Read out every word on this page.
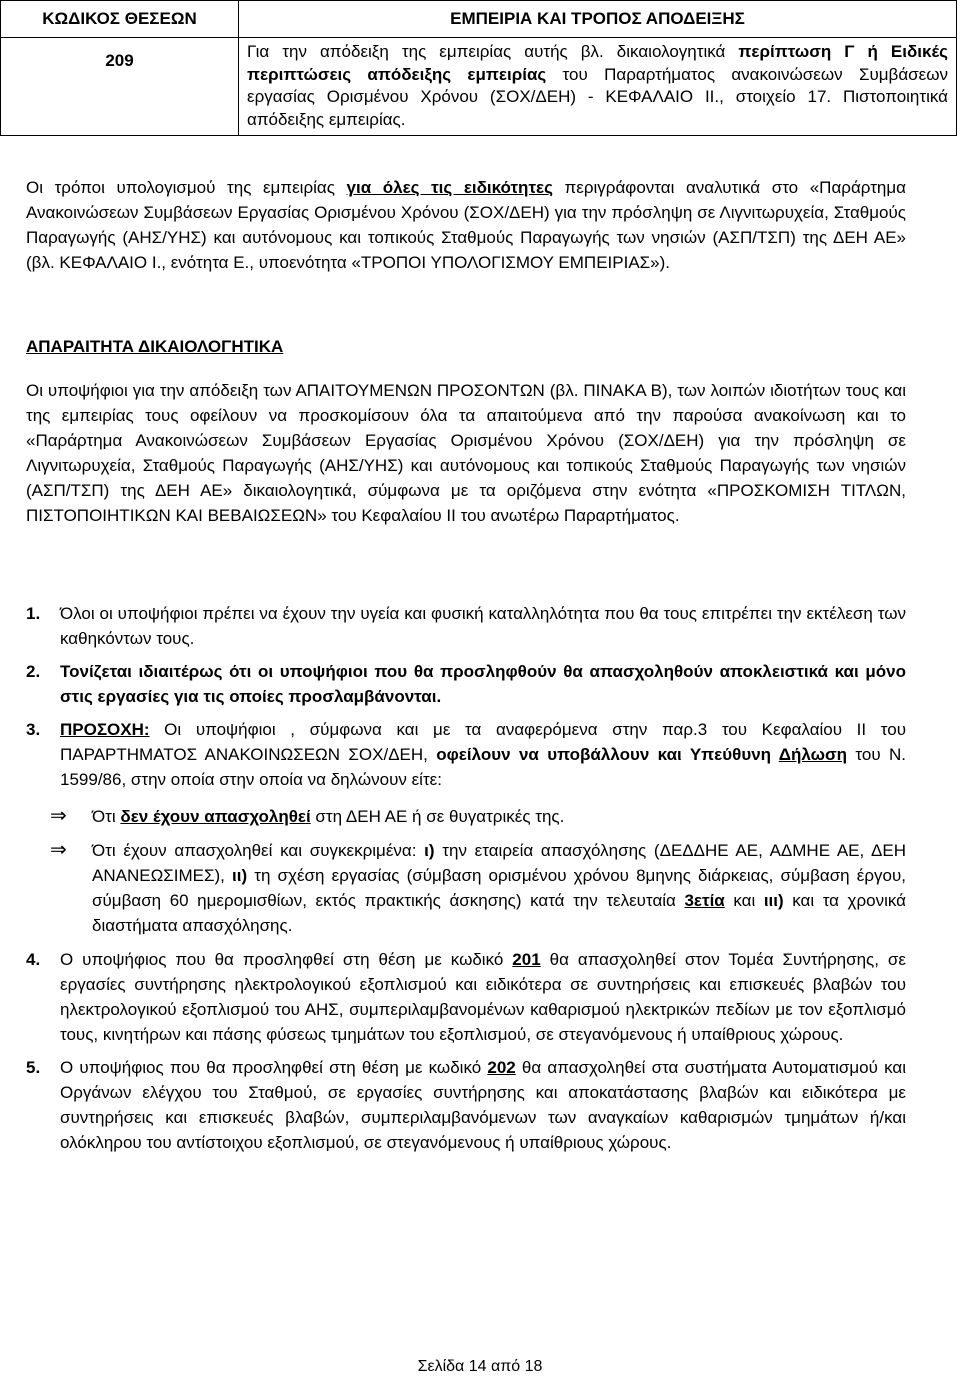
ΚΩΔΙΚΟΣ ΘΕΣΕΩΝ	ΕΜΠΕΙΡΙΑ ΚΑΙ ΤΡΟΠΟΣ ΑΠΟΔΕΙΞΗΣ
209	Για την απόδειξη της εμπειρίας αυτής βλ. δικαιολογητικά περίπτωση Γ ή Ειδικές περιπτώσεις απόδειξης εμπειρίας του Παραρτήματος ανακοινώσεων Συμβάσεων εργασίας Ορισμένου Χρόνου (ΣΟΧ/ΔΕΗ) - ΚΕΦΑΛΑΙΟ ΙΙ., στοιχείο 17. Πιστοποιητικά απόδειξης εμπειρίας.

Οι τρόποι υπολογισμού της εμπειρίας για όλες τις ειδικότητες περιγράφονται αναλυτικά στο «Παράρτημα Ανακοινώσεων Συμβάσεων Εργασίας Ορισμένου Χρόνου (ΣΟΧ/ΔΕΗ) για την πρόσληψη σε Λιγνιτωρυχεία, Σταθμούς Παραγωγής (ΑΗΣ/ΥΗΣ) και αυτόνομους και τοπικούς Σταθμούς Παραγωγής των νησιών (ΑΣΠ/ΤΣΠ) της ΔΕΗ ΑΕ» (βλ. ΚΕΦΑΛΑΙΟ Ι., ενότητα Ε., υποενότητα «ΤΡΟΠΟΙ ΥΠΟΛΟΓΙΣΜΟΥ ΕΜΠΕΙΡΙΑΣ»).

ΑΠΑΡΑΙΤΗΤΑ ΔΙΚΑΙΟΛΟΓΗΤΙΚΑ

Οι υποψήφιοι για την απόδειξη των ΑΠΑΙΤΟΥΜΕΝΩΝ ΠΡΟΣΟΝΤΩΝ (βλ. ΠΙΝΑΚΑ Β), των λοιπών ιδιοτήτων τους και της εμπειρίας τους οφείλουν να προσκομίσουν όλα τα απαιτούμενα από την παρούσα ανακοίνωση και το «Παράρτημα Ανακοινώσεων Συμβάσεων Εργασίας Ορισμένου Χρόνου (ΣΟΧ/ΔΕΗ) για την πρόσληψη σε Λιγνιτωρυχεία, Σταθμούς Παραγωγής (ΑΗΣ/ΥΗΣ) και αυτόνομους και τοπικούς Σταθμούς Παραγωγής των νησιών (ΑΣΠ/ΤΣΠ) της ΔΕΗ ΑΕ» δικαιολογητικά, σύμφωνα με τα οριζόμενα στην ενότητα «ΠΡΟΣΚΟΜΙΣΗ ΤΙΤΛΩΝ, ΠΙΣΤΟΠΟΙΗΤΙΚΩΝ ΚΑΙ ΒΕΒΑΙΩΣΕΩΝ» του Κεφαλαίου ΙΙ του ανωτέρω Παραρτήματος.

1. Όλοι οι υποψήφιοι πρέπει να έχουν την υγεία και φυσική καταλληλότητα που θα τους επιτρέπει την εκτέλεση των καθηκόντων τους.
2. Τονίζεται ιδιαιτέρως ότι οι υποψήφιοι που θα προσληφθούν θα απασχοληθούν αποκλειστικά και μόνο στις εργασίες για τις οποίες προσλαμβάνονται.
3. ΠΡΟΣΟΧΗ: Οι υποψήφιοι , σύμφωνα και με τα αναφερόμενα στην παρ.3 του Κεφαλαίου ΙΙ του ΠΑΡΑΡΤΗΜΑΤΟΣ ΑΝΑΚΟΙΝΩΣΕΩΝ ΣΟΧ/ΔΕΗ, οφείλουν να υποβάλλουν και Υπεύθυνη Δήλωση του Ν. 1599/86, στην οποία στην οποία να δηλώνουν είτε:
⇒ Ότι δεν έχουν απασχοληθεί στη ΔΕΗ ΑΕ ή σε θυγατρικές της.
⇒ Ότι έχουν απασχοληθεί και συγκεκριμένα: ι) την εταιρεία απασχόλησης (ΔΕΔΔΗΕ ΑΕ, ΑΔΜΗΕ ΑΕ, ΔΕΗ ΑΝΑΝΕΩΣΙΜΕΣ), ιι) τη σχέση εργασίας (σύμβαση ορισμένου χρόνου 8μηνης διάρκειας, σύμβαση έργου, σύμβαση 60 ημερομισθίων, εκτός πρακτικής άσκησης) κατά την τελευταία 3ετία και ιιι) και τα χρονικά διαστήματα απασχόλησης.
4. Ο υποψήφιος που θα προσληφθεί στη θέση με κωδικό 201 θα απασχοληθεί στον Τομέα Συντήρησης, σε εργασίες συντήρησης ηλεκτρολογικού εξοπλισμού και ειδικότερα σε συντηρήσεις και επισκευές βλαβών του ηλεκτρολογικού εξοπλισμού του ΑΗΣ, συμπεριλαμβανομένων καθαρισμού ηλεκτρικών πεδίων με τον εξοπλισμό τους, κινητήρων και πάσης φύσεως τμημάτων του εξοπλισμού, σε στεγανόμενους ή υπαίθριους χώρους.
5. Ο υποψήφιος που θα προσληφθεί στη θέση με κωδικό 202 θα απασχοληθεί στα συστήματα Αυτοματισμού και Οργάνων ελέγχου του Σταθμού, σε εργασίες συντήρησης και αποκατάστασης βλαβών και ειδικότερα με συντηρήσεις και επισκευές βλαβών, συμπεριλαμβανόμενων των αναγκαίων καθαρισμών τμημάτων ή/και ολόκληρου του αντίστοιχου εξοπλισμού, σε στεγανόμενους ή υπαίθριους χώρους.
Σελίδα 14 από 18
